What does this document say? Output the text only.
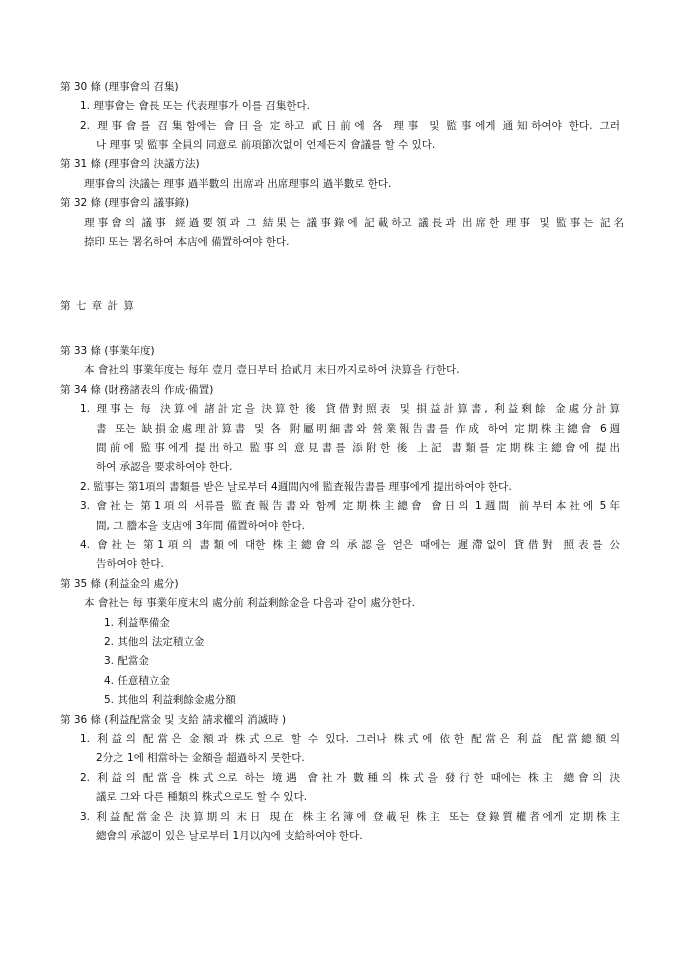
第 30 條 (理事會의 召集)
1. 理事會는 會長 또는 代表理事가 이를 召集한다.
2. 理事會를 召集함에는 會日을 定하고 貳日前에 各 理事 및 監事에게 通知하여야 한다. 그러
나 理事 및 監事 全員의 同意로 前項節次없이 언제든지 會議를 할 수 있다.
第 31 條 (理事會의 決議方法)
理事會의 決議는 理事 過半數의 出席과 出席理事의 過半數로 한다.
第 32 條 (理事會의 議事錄)
理事會의 議事 經過要領과 그 結果는 議事錄에 記載하고 議長과 出席한 理事 및 監事는 記名
捺印 또는 署名하여 本店에 備置하여야 한다.
第 七 章 計 算
第 33 條 (事業年度)
本 會社의 事業年度는 每年 壹月 壹日부터 拾貳月 末日까지로하여 決算을 行한다.
第 34 條 (財務諸表의 作成·備置)
1. 理事는 每 決算에 諸計定을 決算한 後 貸借對照表 및 損益計算書, 利益剩餘 金處分計算
書 또는 缺損金處理計算書 및 各 附屬明細書와 營業報告書를 作成 하여 定期株主總會 6週
間前에 監事에게 提出하고 監事의 意見書를 添附한 後 上記 書類를 定期株主總會에 提出
하여 承認을 要求하여야 한다.
2. 監事는 第1項의 書類를 받은 날로부터 4週間內에 監査報告書를 理事에게 提出하여야 한다.
3. 會社는 第1項의 서류를 監査報告書와 함께 定期株主總會 會日의 1週間 前부터本社에 5年
間, 그 謄本을 支店에 3年間 備置하여야 한다.
4. 會社는 第1項의 書類에 대한 株主總會의 承認을 얻은 때에는 遲滯없이 貸借對 照表를 公
告하여야 한다.
第 35 條 (利益金의 處分)
本 會社는 每 事業年度末의 處分前 利益剩餘金을 다음과 같이 處分한다.
1. 利益準備金
2. 其他의 法定積立金
3. 配當金
4. 任意積立金
5. 其他의 利益剩餘金處分額
第 36 條 (利益配當金 및 支給 請求權의 消滅時 )
1. 利益의 配當은 金額과 株式으로 할 수 있다. 그러나 株式에 依한 配當은 利益 配當總額의
2分之 1에 相當하는 金額을 超過하지 못한다.
2. 利益의 配當을 株式으로 하는 境遇 會社가 數種의 株式을 發行한 때에는 株主 總會의 決
議로 그와 다른 種類의 株式으로도 할 수 있다.
3. 利益配當金은 決算期의 末日 現在 株主名簿에 登載된 株主 또는 登錄質權者에게 定期株主
總會의 承認이 있은 날로부터 1月以內에 支給하여야 한다.
